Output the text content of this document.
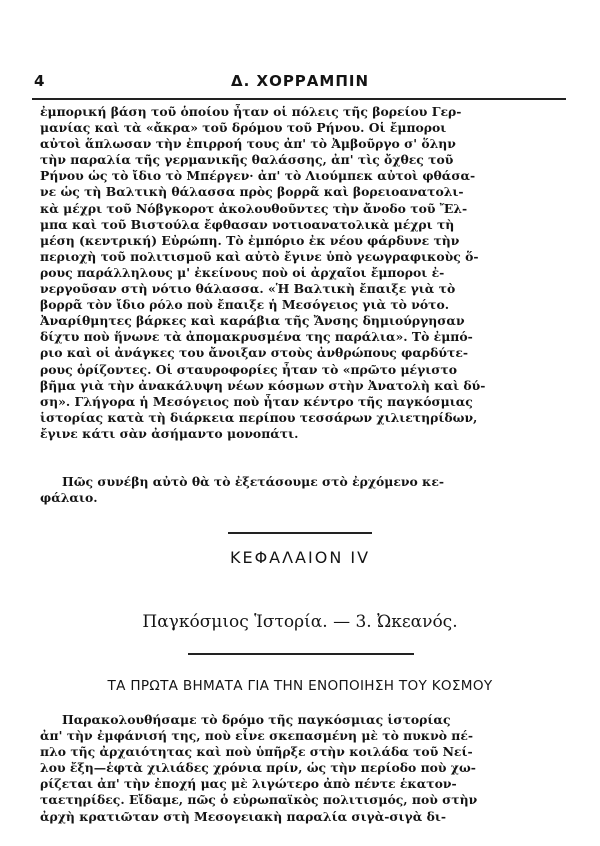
4	Δ. ΧΟΡΡΑΜΠΙΝ
ἐμπορική βάση τοῦ ὁποίου ἦταν οἱ πόλεις τῆς βορείου Γερ-
μανίας καὶ τὰ «ἄκρα» τοῦ δρόμου τοῦ Ρήνου. Οἱ ἔμποροι
αὐτοὶ ἅπλωσαν τὴν ἐπιρροή τους ἀπ' τὸ Ἀμβοῦργο σ' ὅλην
τὴν παραλία τῆς γερμανικῆς θαλάσσης, ἀπ' τὶς ὄχθες τοῦ
Ρήνου ὡς τὸ ἴδιο τὸ Μπέργεν· ἀπ' τὸ Λιούμπεκ αὐτοὶ φθάσα-
νε ὡς τὴ Βαλτικὴ θάλασσα πρὸς βορρᾶ καὶ βορειοανατολι-
κὰ μέχρι τοῦ Νόβγκοροτ ἀκολουθοῦντες τὴν ἄνοδο τοῦ Ἔλ-
μπα καὶ τοῦ Βιστούλα ἔφθασαν νοτιοανατολικὰ μέχρι τὴ
μέση (κεντρική) Εὐρώπη. Τὸ ἐμπόριο ἐκ νέου φάρδυνε τὴν
περιοχὴ τοῦ πολιτισμοῦ καὶ αὐτὸ ἔγινε ὑπὸ γεωγραφικοὺς ὅ-
ρους παράλληλους μ' ἐκείνους ποὺ οἱ ἀρχαῖοι ἔμποροι ἐ-
νεργοῦσαν στὴ νότιο θάλασσα. «Ἡ Βαλτικὴ ἔπαιξε γιὰ τὸ
βορρᾶ τὸν ἴδιο ρόλο ποὺ ἔπαιξε ἡ Μεσόγειος γιὰ τὸ νότο.
Ἀναρίθμητες βάρκες καὶ καράβια τῆς Ἄνσης δημιούργησαν
δίχτυ ποὺ ἥνωνε τὰ ἀπομακρυσμένα της παράλια». Τὸ ἐμπό-
ριο καὶ οἱ ἀνάγκες του ἄνοιξαν στοὺς ἀνθρώπους φαρδύτε-
ρους ὁρίζοντες. Οἱ σταυροφορίες ἦταν τὸ «πρῶτο μέγιστο
βῆμα γιὰ τὴν ἀνακάλυψη νέων κόσμων στὴν Ἀνατολὴ καὶ δύ-
ση». Γλήγορα ἡ Μεσόγειος ποὺ ἦταν κέντρο τῆς παγκόσμιας
ἱστορίας κατὰ τὴ διάρκεια περίπου τεσσάρων χιλιετηρίδων,
ἔγινε κάτι σὰν ἀσήμαντο μονοπάτι.
Πῶς συνέβη αὐτὸ θὰ τὸ ἐξετάσουμε στὸ ἐρχόμενο κε-
φάλαιο.
ΚΕΦΑΛΑΙΟΝ ΙV
Παγκόσμιος Ἱστορία. — 3. Ὠκεανός.
ΤΑ ΠΡΩΤΑ ΒΗΜΑΤΑ ΓΙΑ ΤΗΝ ΕΝΟΠΟΙΗΣΗ ΤΟΥ ΚΟΣΜΟΥ
Παρακολουθήσαμε τὸ δρόμο τῆς παγκόσμιας ἱστορίας
ἀπ' τὴν ἐμφάνισή της, ποὺ εἶνε σκεπασμένη μὲ τὸ πυκνὸ πέ-
πλο τῆς ἀρχαιότητας καὶ ποὺ ὑπῆρξε στὴν κοιλάδα τοῦ Νεί-
λου ἔξη—ἑφτὰ χιλιάδες χρόνια πρίν, ὡς τὴν περίοδο ποὺ χω-
ρίζεται ἀπ' τὴν ἐποχή μας μὲ λιγώτερο ἀπὸ πέντε ἑκατον-
ταετηρίδες. Εἴδαμε, πῶς ὁ εὐρωπαϊκὸς πολιτισμός, ποὺ στὴν
ἀρχὴ κρατιῶταν στὴ Μεσογειακὴ παραλία σιγὰ-σιγὰ δι-
